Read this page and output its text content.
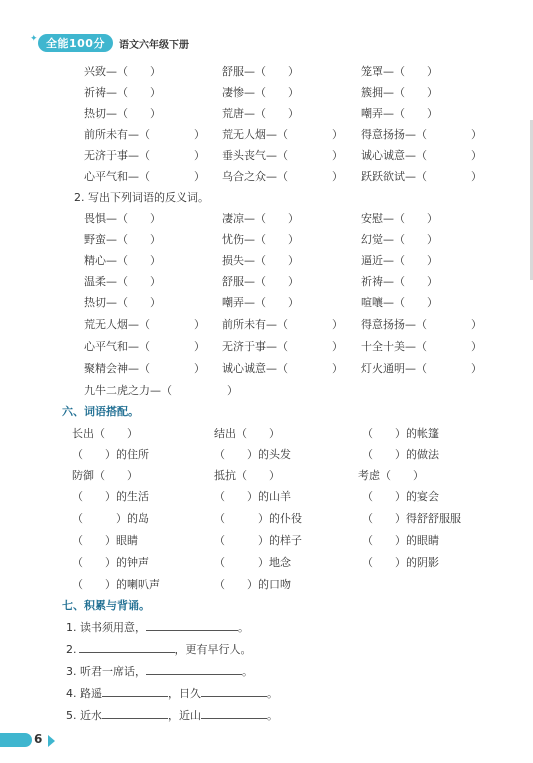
✦ 全能100分	语文六年级下册
兴致—（　　）	舒服—（　　）	笼罩—（　　）
祈祷—（　　）	凄惨—（　　）	簇拥—（　　）
热切—（　　）	荒唐—（　　）	嘲弄—（　　）
前所未有—（　　　　） 荒无人烟—（　　　　） 得意扬扬—（　　　　）
无济于事—（　　　　） 垂头丧气—（　　　　） 诚心诚意—（　　　　）
心平气和—（　　　　） 乌合之众—（　　　　） 跃跃欲试—（　　　　）
2. 写出下列词语的反义词。
畏惧—（　　）	凄凉—（　　）	安慰—（　　）
野蛮—（　　）	忧伤—（　　）	幻觉—（　　）
精心—（　　）	损失—（　　）	逼近—（　　）
温柔—（　　）	舒服—（　　）	祈祷—（　　）
热切—（　　）	嘲弄—（　　）	喧嚷—（　　）
荒无人烟—（　　　　） 前所未有—（　　　　） 得意扬扬—（　　　　）
心平气和—（　　　　） 无济于事—（　　　　） 十全十美—（　　　　）
聚精会神—（　　　　） 诚心诚意—（　　　　） 灯火通明—（　　　　）
九牛二虎之力—（　　　　　）
六、词语搭配。
长出（　　）	结出（　　）	（　　）的帐篷
（　　）的住所	（　　）的头发	（　　）的做法
防御（　　）	抵抗（　　）	考虑（　　）
（　　）的生活	（　　）的山羊	（　　）的宴会
（　　　）的岛	（　　　）的仆役	（　　）得舒舒服服
（　　）眼睛	（　　　）的样子	（　　）的眼睛
（　　）的钟声	（　　　）地念	（　　）的阴影
（　　）的喇叭声	（　　）的口吻
七、积累与背诵。
1. 读书须用意，	。
2.	，更有早行人。
3. 听君一席话，	。
4. 路遥	，日久	。
5. 近水	，近山	。
6
